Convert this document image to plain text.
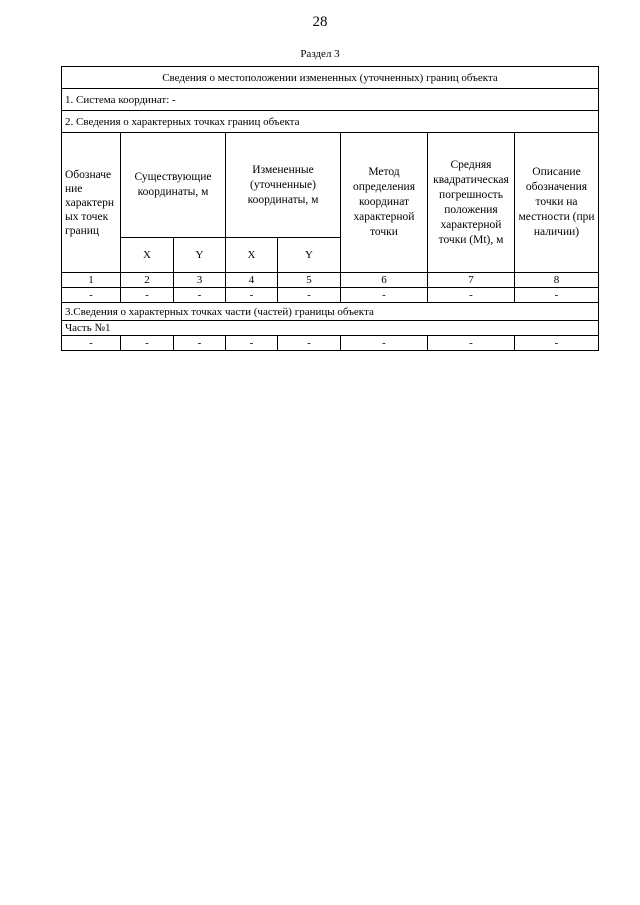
28
Раздел 3
Сведения о местоположении измененных (уточненных) границ объекта							
1. Система координат: -							
2. Сведения о характерных точках границ объекта							
Обозначе
ние
характерн
ых точек
границ	Существующие координаты, м		Измененные (уточненные) координаты, м		Метод определения координат характерной точки	Средняя квадратическая погрешность положения характерной точки (Mt), м	Описание обозначения точки на местности (при наличии)
	X	Y	X	Y			
1	2	3	4	5	6	7	8
-	-	-	-	-	-	-	-
3.Сведения о характерных точках части (частей) границы объекта							
Часть №1							
-	-	-	-	-	-	-	-
